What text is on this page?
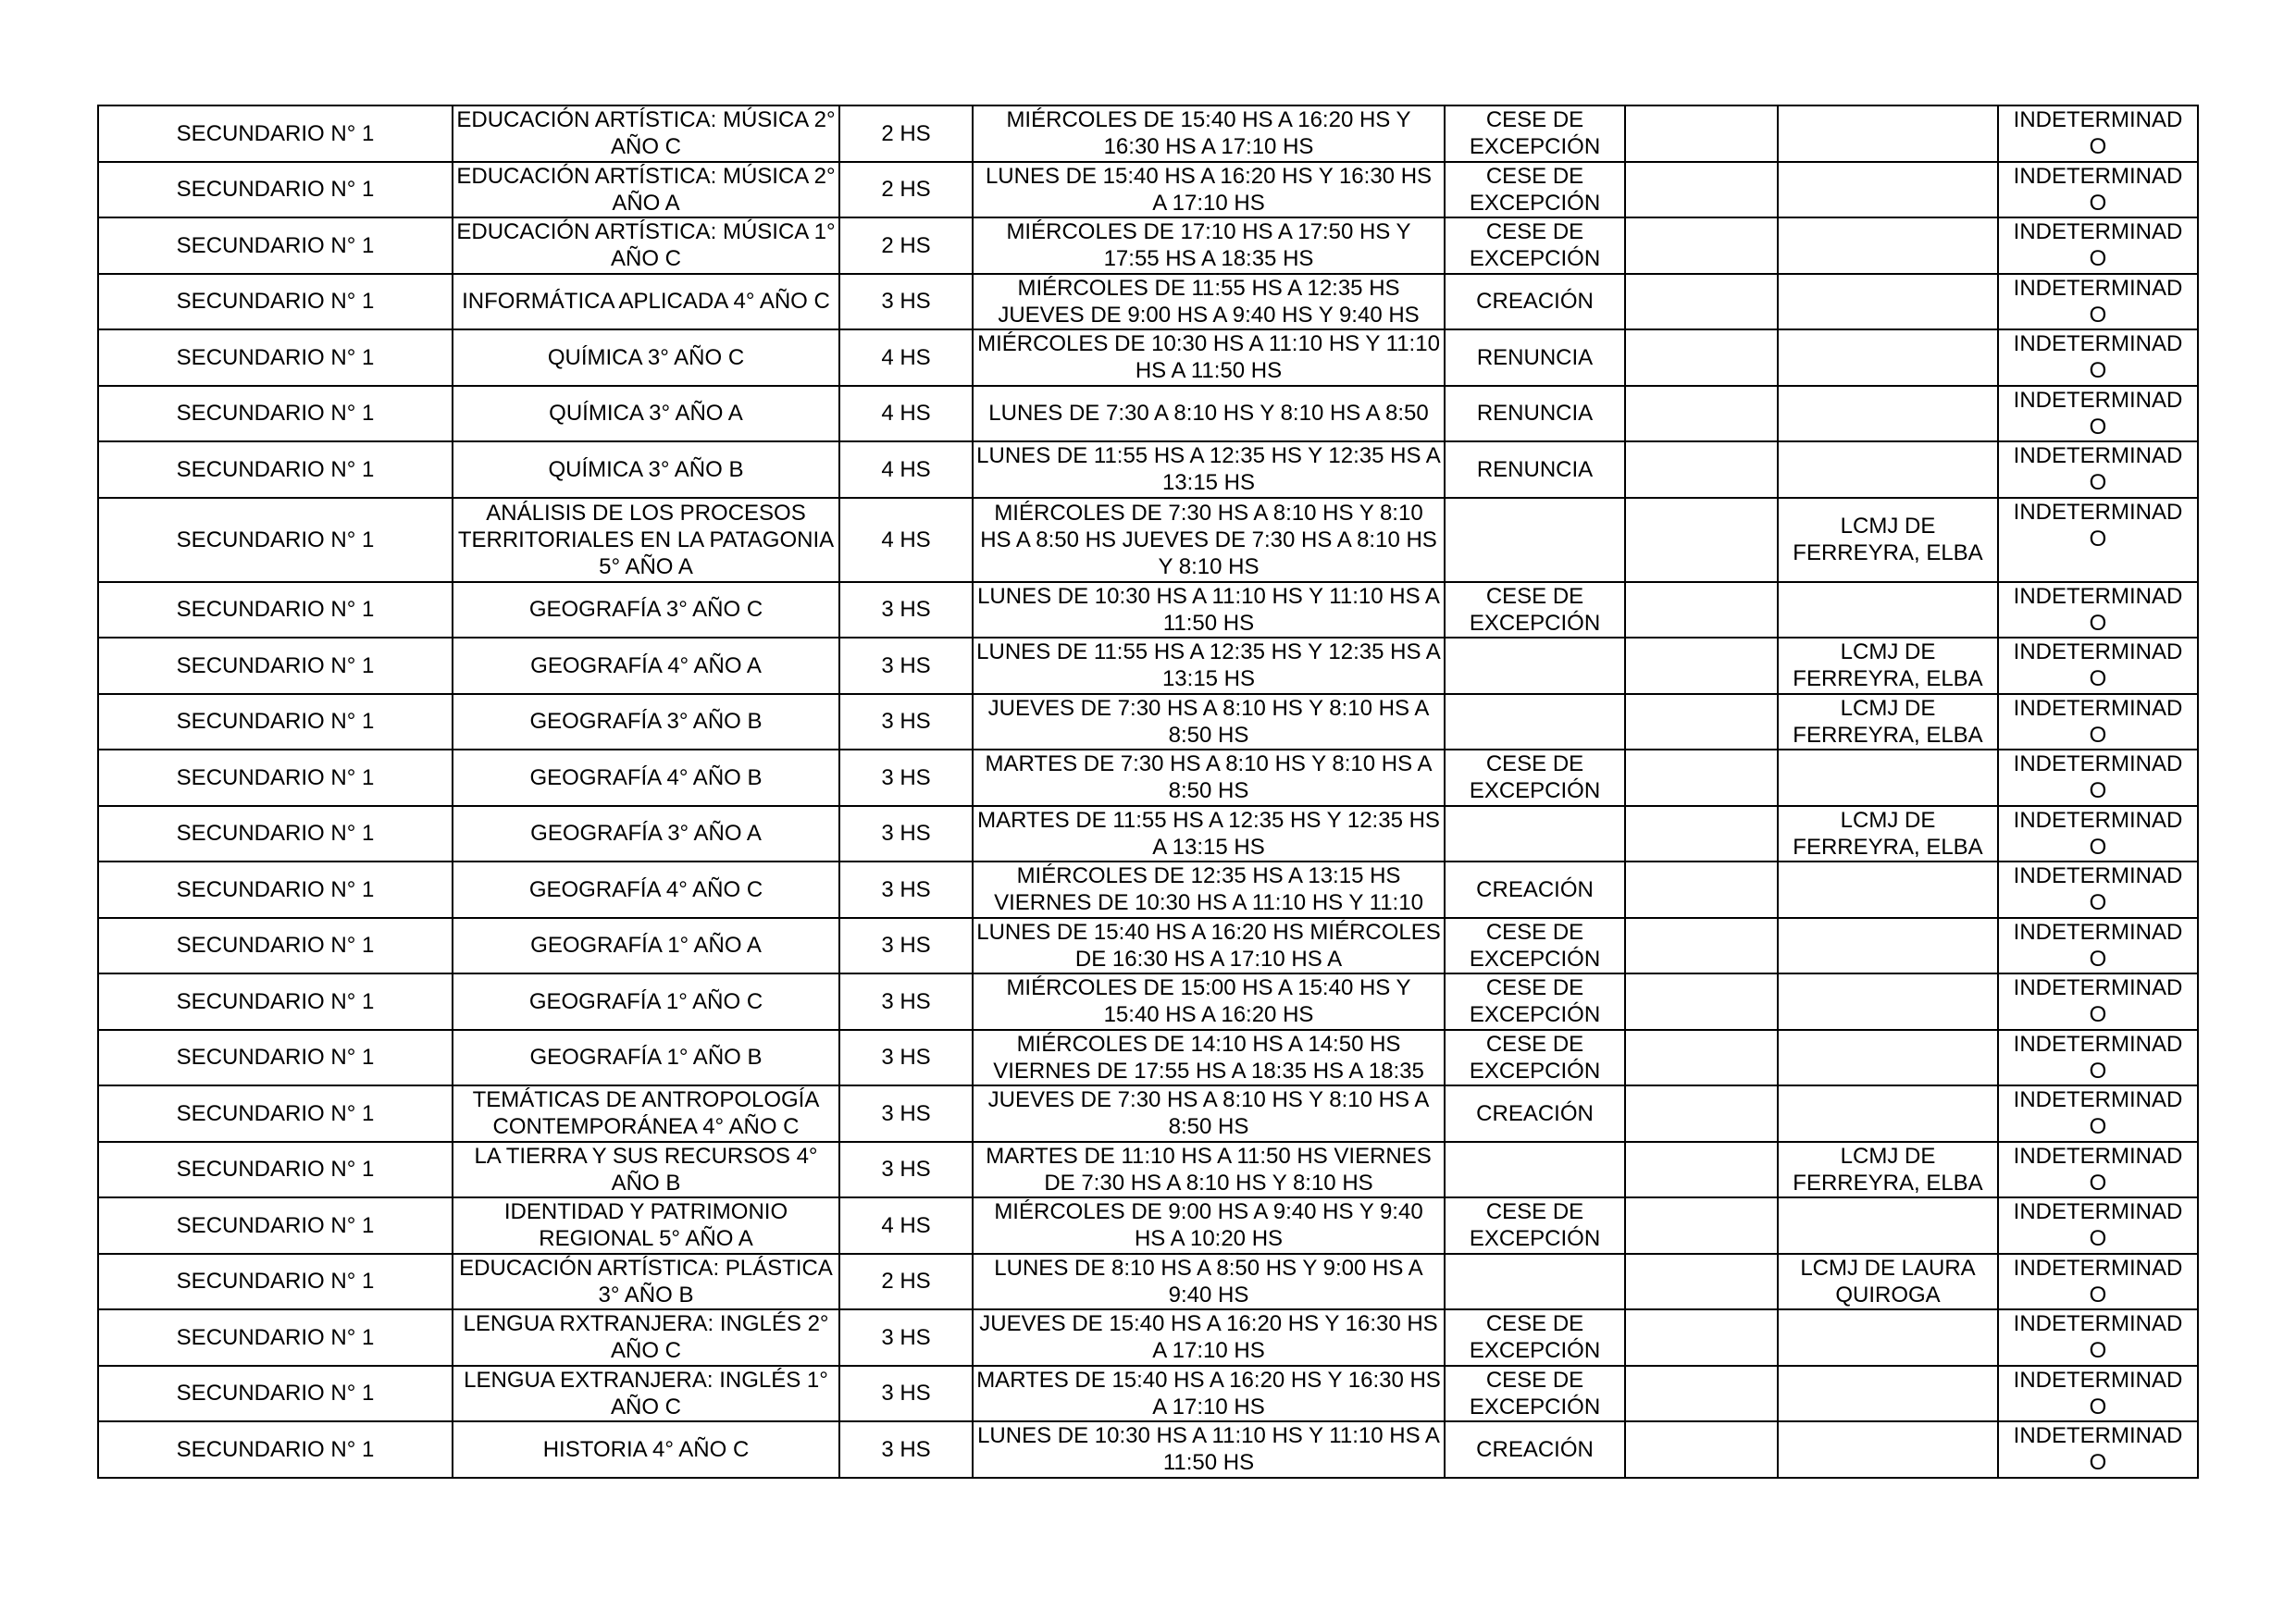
SECUNDARIO N° 1	EDUCACIÓN ARTÍSTICA: MÚSICA 2° AÑO C	2 HS	MIÉRCOLES DE 15:40 HS A 16:20 HS Y 16:30 HS A 17:10 HS	CESE DE EXCEPCIÓN			INDETERMINADO

SECUNDARIO N° 1	EDUCACIÓN ARTÍSTICA: MÚSICA 2° AÑO A	2 HS	LUNES DE 15:40 HS A 16:20 HS Y 16:30 HS A 17:10 HS	CESE DE EXCEPCIÓN			INDETERMINADO

SECUNDARIO N° 1	EDUCACIÓN ARTÍSTICA: MÚSICA 1° AÑO C	2 HS	MIÉRCOLES DE 17:10 HS A 17:50 HS Y 17:55 HS A 18:35 HS	CESE DE EXCEPCIÓN			INDETERMINADO

SECUNDARIO N° 1	INFORMÁTICA APLICADA 4° AÑO C	3 HS	MIÉRCOLES DE 11:55 HS A 12:35 HS JUEVES DE 9:00 HS A 9:40 HS Y 9:40 HS	CREACIÓN			INDETERMINADO

SECUNDARIO N° 1	QUÍMICA 3° AÑO C	4 HS	MIÉRCOLES DE 10:30 HS A 11:10 HS Y 11:10 HS A 11:50 HS	RENUNCIA			INDETERMINADO

SECUNDARIO N° 1	QUÍMICA 3° AÑO A	4 HS	LUNES DE 7:30 A 8:10 HS Y 8:10 HS A 8:50	RENUNCIA			INDETERMINADO

SECUNDARIO N° 1	QUÍMICA 3° AÑO B	4 HS	LUNES DE 11:55 HS A 12:35 HS Y 12:35 HS A 13:15 HS	RENUNCIA			INDETERMINADO

SECUNDARIO N° 1	ANÁLISIS DE LOS PROCESOS TERRITORIALES EN LA PATAGONIA 5° AÑO A	4 HS	MIÉRCOLES DE 7:30 HS A 8:10 HS Y 8:10 HS A 8:50 HS JUEVES DE 7:30 HS A 8:10 HS Y 8:10 HS			LCMJ DE FERREYRA, ELBA	INDETERMINADO

SECUNDARIO N° 1	GEOGRAFÍA 3° AÑO C	3 HS	LUNES DE 10:30 HS A 11:10 HS Y 11:10 HS A 11:50 HS	CESE DE EXCEPCIÓN			INDETERMINADO

SECUNDARIO N° 1	GEOGRAFÍA 4° AÑO A	3 HS	LUNES DE 11:55 HS A 12:35 HS Y 12:35 HS A 13:15 HS			LCMJ DE FERREYRA, ELBA	INDETERMINADO

SECUNDARIO N° 1	GEOGRAFÍA 3° AÑO B	3 HS	JUEVES DE 7:30 HS A 8:10 HS Y 8:10 HS A 8:50 HS			LCMJ DE FERREYRA, ELBA	INDETERMINADO

SECUNDARIO N° 1	GEOGRAFÍA 4° AÑO B	3 HS	MARTES DE 7:30 HS A 8:10 HS Y 8:10 HS A 8:50 HS	CESE DE EXCEPCIÓN			INDETERMINADO

SECUNDARIO N° 1	GEOGRAFÍA 3° AÑO A	3 HS	MARTES DE 11:55 HS A 12:35 HS Y 12:35 HS A 13:15 HS			LCMJ DE FERREYRA, ELBA	INDETERMINADO

SECUNDARIO N° 1	GEOGRAFÍA 4° AÑO C	3 HS	MIÉRCOLES DE 12:35 HS A 13:15 HS VIERNES DE 10:30 HS A 11:10 HS Y 11:10	CREACIÓN			INDETERMINADO

SECUNDARIO N° 1	GEOGRAFÍA 1° AÑO A	3 HS	LUNES DE 15:40 HS A 16:20 HS MIÉRCOLES DE 16:30 HS A 17:10 HS A	CESE DE EXCEPCIÓN			INDETERMINADO

SECUNDARIO N° 1	GEOGRAFÍA 1° AÑO C	3 HS	MIÉRCOLES DE 15:00 HS A 15:40 HS Y 15:40 HS A 16:20 HS	CESE DE EXCEPCIÓN			INDETERMINADO

SECUNDARIO N° 1	GEOGRAFÍA 1° AÑO B	3 HS	MIÉRCOLES DE 14:10 HS A 14:50 HS VIERNES DE 17:55 HS A 18:35 HS A 18:35	CESE DE EXCEPCIÓN			INDETERMINADO

SECUNDARIO N° 1	TEMÁTICAS DE ANTROPOLOGÍA CONTEMPORÁNEA 4° AÑO C	3 HS	JUEVES DE 7:30 HS A 8:10 HS Y 8:10 HS A 8:50 HS	CREACIÓN			INDETERMINADO

SECUNDARIO N° 1	LA TIERRA Y SUS RECURSOS 4° AÑO B	3 HS	MARTES DE 11:10 HS A 11:50 HS VIERNES DE 7:30 HS A 8:10 HS Y 8:10 HS			LCMJ DE FERREYRA, ELBA	INDETERMINADO

SECUNDARIO N° 1	IDENTIDAD Y PATRIMONIO REGIONAL 5° AÑO A	4 HS	MIÉRCOLES DE 9:00 HS A 9:40 HS Y 9:40 HS A 10:20 HS	CESE DE EXCEPCIÓN			INDETERMINADO

SECUNDARIO N° 1	EDUCACIÓN ARTÍSTICA: PLÁSTICA 3° AÑO B	2 HS	LUNES DE 8:10 HS A 8:50 HS Y 9:00 HS A 9:40 HS			LCMJ DE LAURA QUIROGA	INDETERMINADO

SECUNDARIO N° 1	LENGUA RXTRANJERA: INGLÉS 2° AÑO C	3 HS	JUEVES DE 15:40 HS A 16:20 HS Y 16:30 HS A 17:10 HS	CESE DE EXCEPCIÓN			INDETERMINADO

SECUNDARIO N° 1	LENGUA EXTRANJERA: INGLÉS 1° AÑO C	3 HS	MARTES DE 15:40 HS A 16:20 HS Y 16:30 HS A 17:10 HS	CESE DE EXCEPCIÓN			INDETERMINADO

SECUNDARIO N° 1	HISTORIA 4° AÑO C	3 HS	LUNES DE 10:30 HS A 11:10 HS Y 11:10 HS A 11:50 HS	CREACIÓN			INDETERMINADO
